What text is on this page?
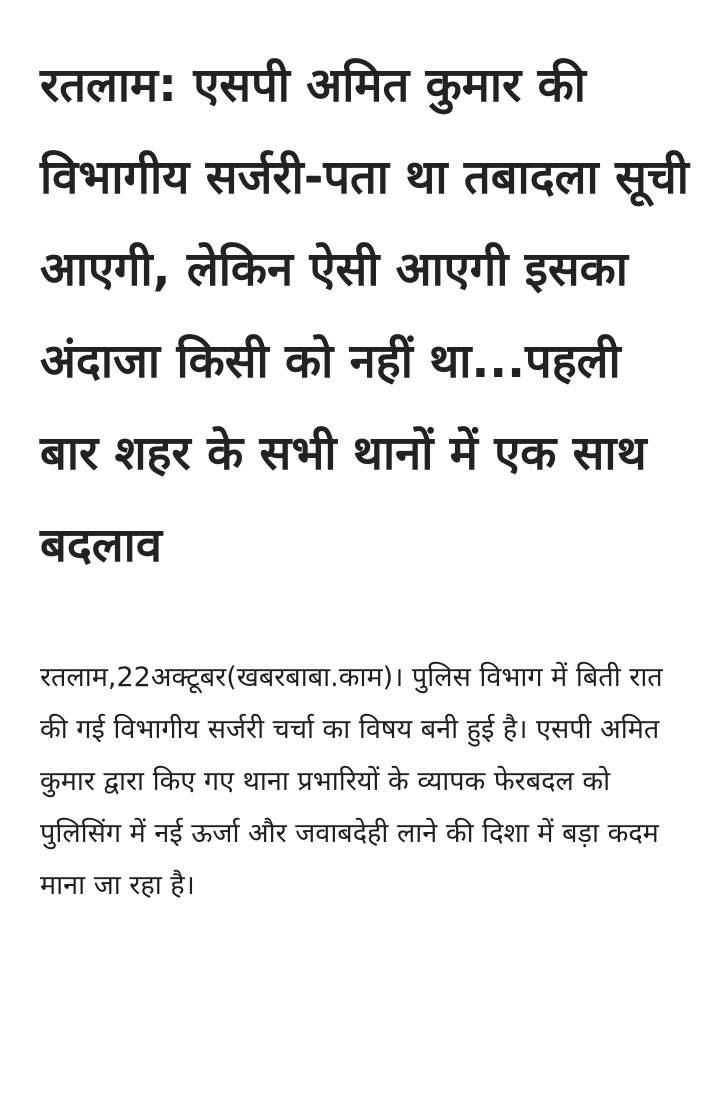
रतलाम: एसपी अमित कुमार की विभागीय सर्जरी-पता था तबादला सूची आएगी, लेकिन ऐसी आएगी इसका अंदाजा किसी को नहीं था...पहली बार शहर के सभी थानों में एक साथ बदलाव

रतलाम,22अक्टूबर(खबरबाबा.काम)। पुलिस विभाग में बिती रात की गई विभागीय सर्जरी चर्चा का विषय बनी हुई है। एसपी अमित कुमार द्वारा किए गए थाना प्रभारियों के व्यापक फेरबदल को पुलिसिंग में नई ऊर्जा और जवाबदेही लाने की दिशा में बड़ा कदम माना जा रहा है।
